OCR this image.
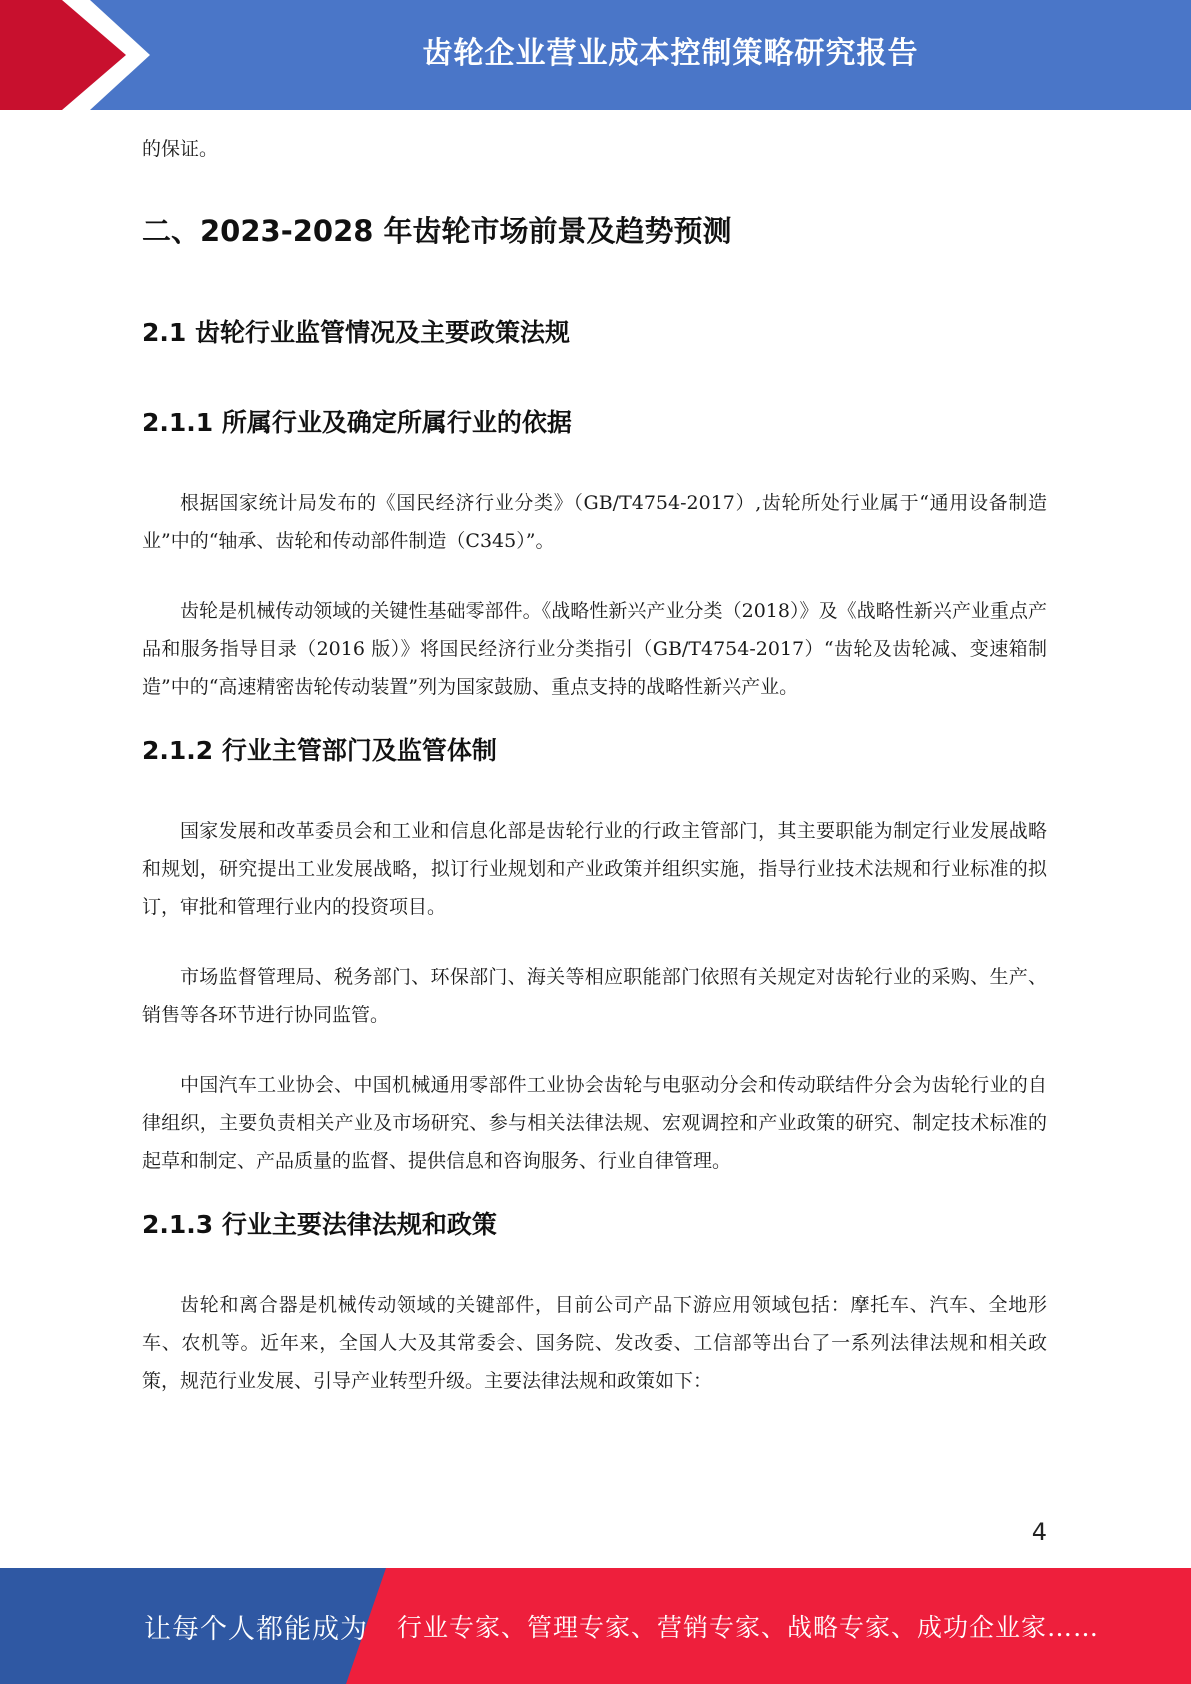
齿轮企业营业成本控制策略研究报告

的保证。

二、2023-2028 年齿轮市场前景及趋势预测
2.1 齿轮行业监管情况及主要政策法规
2.1.1 所属行业及确定所属行业的依据

根据国家统计局发布的《国民经济行业分类》（GB/T4754-2017）,齿轮所处行业属于“通用设备制造业”中的“轴承、齿轮和传动部件制造（C345）”。

齿轮是机械传动领域的关键性基础零部件。《战略性新兴产业分类（2018）》及《战略性新兴产业重点产品和服务指导目录（2016 版）》将国民经济行业分类指引（GB/T4754-2017）“齿轮及齿轮减、变速箱制造”中的“高速精密齿轮传动装置”列为国家鼓励、重点支持的战略性新兴产业。

2.1.2 行业主管部门及监管体制

国家发展和改革委员会和工业和信息化部是齿轮行业的行政主管部门，其主要职能为制定行业发展战略和规划，研究提出工业发展战略，拟订行业规划和产业政策并组织实施，指导行业技术法规和行业标准的拟订，审批和管理行业内的投资项目。

市场监督管理局、税务部门、环保部门、海关等相应职能部门依照有关规定对齿轮行业的采购、生产、销售等各环节进行协同监管。

中国汽车工业协会、中国机械通用零部件工业协会齿轮与电驱动分会和传动联结件分会为齿轮行业的自律组织，主要负责相关产业及市场研究、参与相关法律法规、宏观调控和产业政策的研究、制定技术标准的起草和制定、产品质量的监督、提供信息和咨询服务、行业自律管理。

2.1.3 行业主要法律法规和政策

齿轮和离合器是机械传动领域的关键部件，目前公司产品下游应用领域包括：摩托车、汽车、全地形车、农机等。近年来，全国人大及其常委会、国务院、发改委、工信部等出台了一系列法律法规和相关政策，规范行业发展、引导产业转型升级。主要法律法规和政策如下：

4
让每个人都能成为 行业专家、管理专家、营销专家、战略专家、成功企业家……
